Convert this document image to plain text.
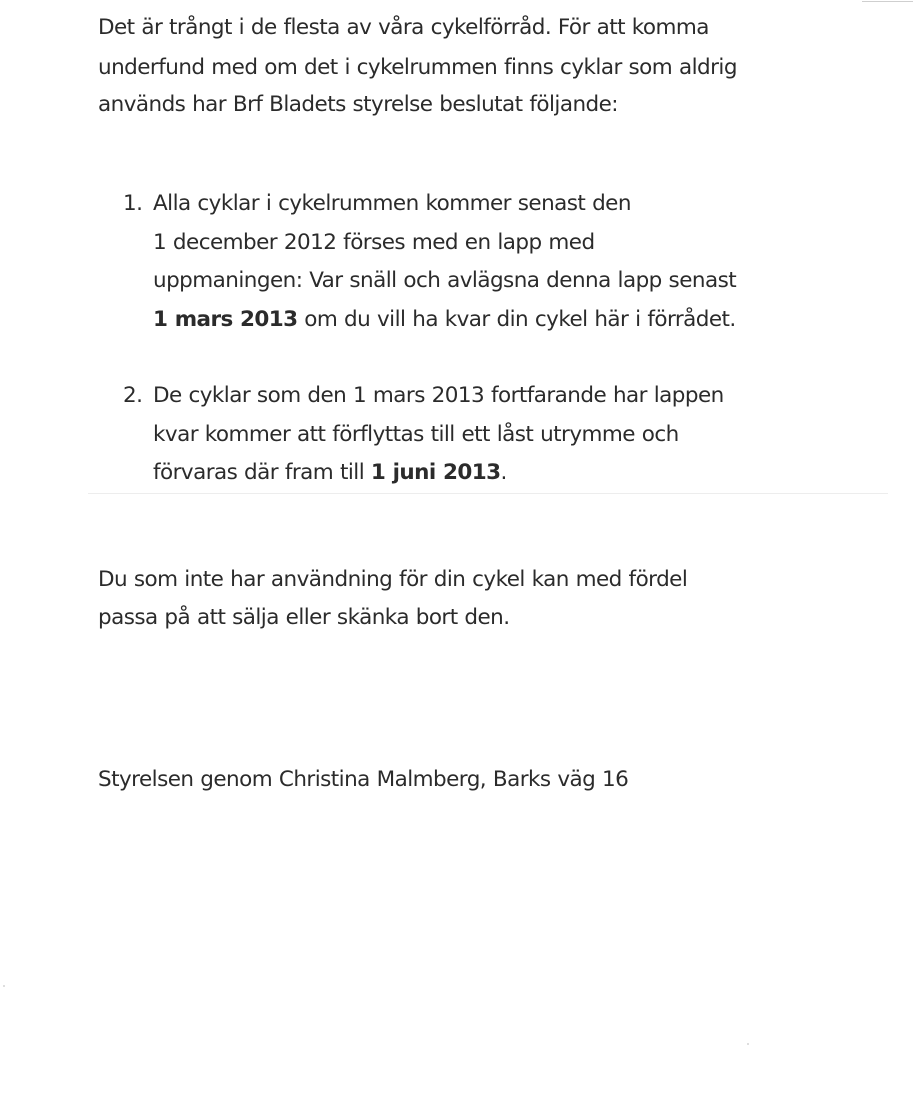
Det är trångt i de flesta av våra cykelförråd. För att komma
underfund med om det i cykelrummen finns cyklar som aldrig
används har Brf Bladets styrelse beslutat följande:
1. Alla cyklar i cykelrummen kommer senast den
1 december 2012 förses med en lapp med
uppmaningen: Var snäll och avlägsna denna lapp senast
1 mars 2013 om du vill ha kvar din cykel här i förrådet.
2. De cyklar som den 1 mars 2013 fortfarande har lappen
kvar kommer att förflyttas till ett låst utrymme och
förvaras där fram till 1 juni 2013.
Du som inte har användning för din cykel kan med fördel
passa på att sälja eller skänka bort den.
Styrelsen genom Christina Malmberg, Barks väg 16
